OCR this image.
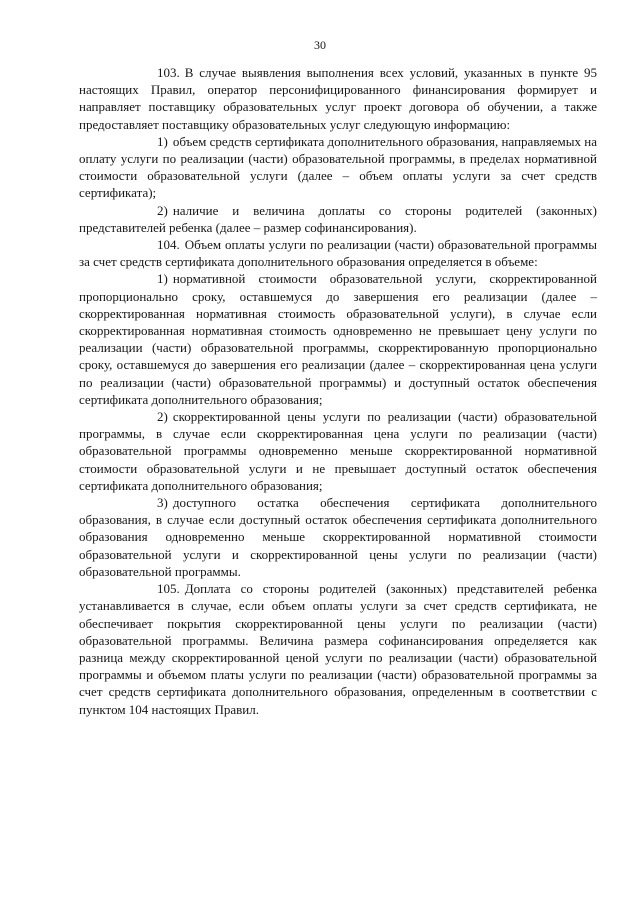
30

103. В случае выявления выполнения всех условий, указанных в пункте 95 настоящих Правил, оператор персонифицированного финансирования формирует и направляет поставщику образовательных услуг проект договора об обучении, а также предоставляет поставщику образовательных услуг следующую информацию:

1) объем средств сертификата дополнительного образования, направляемых на оплату услуги по реализации (части) образовательной программы, в пределах нормативной стоимости образовательной услуги (далее – объем оплаты услуги за счет средств сертификата);

2) наличие и величина доплаты со стороны родителей (законных) представителей ребенка (далее – размер софинансирования).

104. Объем оплаты услуги по реализации (части) образовательной программы за счет средств сертификата дополнительного образования определяется в объеме:

1) нормативной стоимости образовательной услуги, скорректированной пропорционально сроку, оставшемуся до завершения его реализации (далее – скорректированная нормативная стоимость образовательной услуги), в случае если скорректированная нормативная стоимость одновременно не превышает цену услуги по реализации (части) образовательной программы, скорректированную пропорционально сроку, оставшемуся до завершения его реализации (далее – скорректированная цена услуги по реализации (части) образовательной программы) и доступный остаток обеспечения сертификата дополнительного образования;

2) скорректированной цены услуги по реализации (части) образовательной программы, в случае если скорректированная цена услуги по реализации (части) образовательной программы одновременно меньше скорректированной нормативной стоимости образовательной услуги и не превышает доступный остаток обеспечения сертификата дополнительного образования;

3) доступного остатка обеспечения сертификата дополнительного образования, в случае если доступный остаток обеспечения сертификата дополнительного образования одновременно меньше скорректированной нормативной стоимости образовательной услуги и скорректированной цены услуги по реализации (части) образовательной программы.

105. Доплата со стороны родителей (законных) представителей ребенка устанавливается в случае, если объем оплаты услуги за счет средств сертификата, не обеспечивает покрытия скорректированной цены услуги по реализации (части) образовательной программы. Величина размера софинансирования определяется как разница между скорректированной ценой услуги по реализации (части) образовательной программы и объемом платы услуги по реализации (части) образовательной программы за счет средств сертификата дополнительного образования, определенным в соответствии с пунктом 104 настоящих Правил.
